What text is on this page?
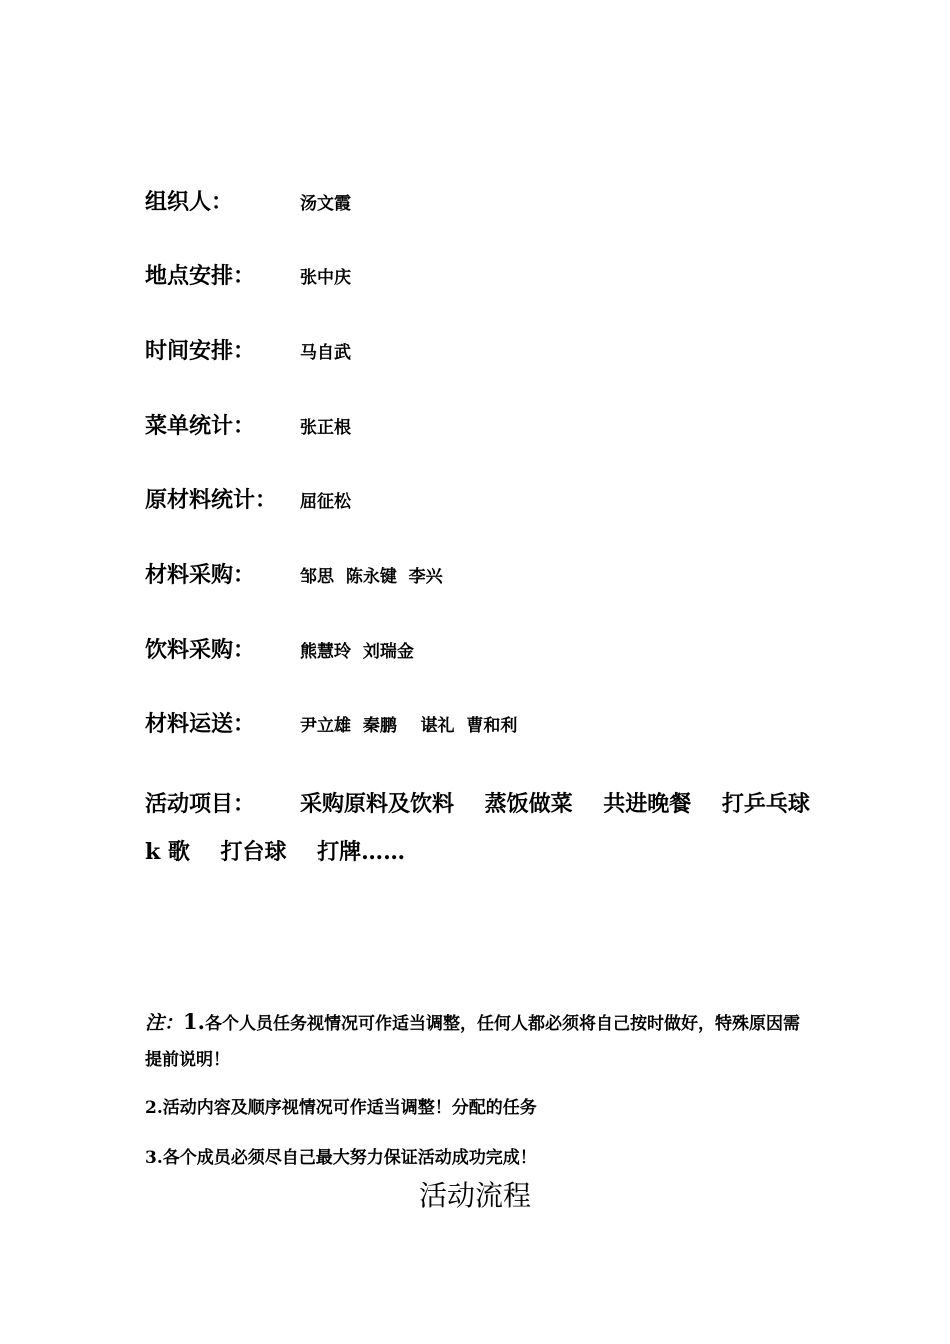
组织人：	汤文霞
地点安排：	张中庆
时间安排：	马自武
菜单统计：	张正根
原材料统计： 屈征松
材料采购：	邹思  陈永键  李兴
饮料采购：	熊慧玲  刘瑞金
材料运送：	尹立雄  秦鹏    谌礼  曹和利
活动项目： 采购原料及饮料    蒸饭做菜    共进晚餐    打乒乓球    k 歌    打台球    打牌……
注：1.各个人员任务视情况可作适当调整，任何人都必须将自己按时做好，特殊原因需提前说明！
2.活动内容及顺序视情况可作适当调整！分配的任务
3.各个成员必须尽自己最大努力保证活动成功完成！
活动流程
